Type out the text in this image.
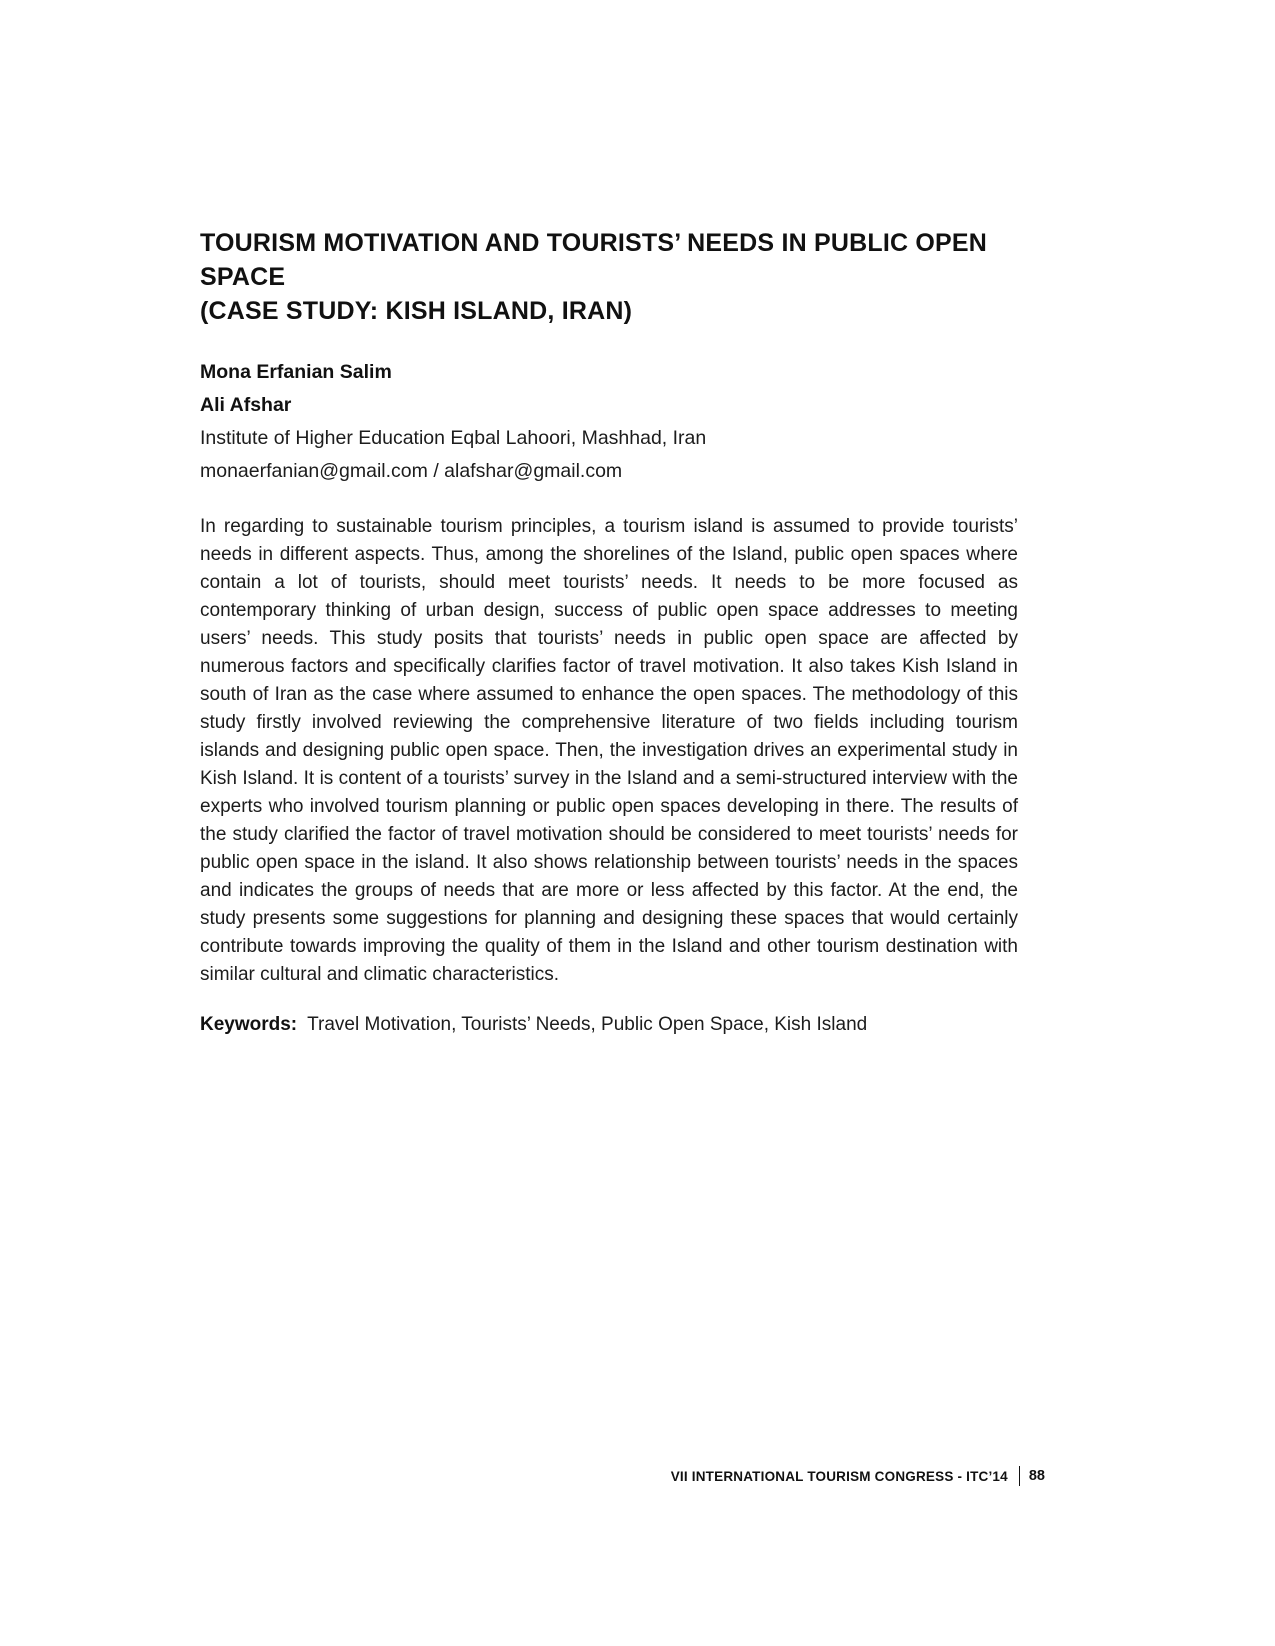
TOURISM MOTIVATION AND TOURISTS’ NEEDS IN PUBLIC OPEN SPACE
(CASE STUDY: KISH ISLAND, IRAN)
Mona Erfanian Salim
Ali Afshar
Institute of Higher Education Eqbal Lahoori, Mashhad, Iran
monaerfanian@gmail.com / alafshar@gmail.com

In regarding to sustainable tourism principles, a tourism island is assumed to provide tourists’ needs in different aspects. Thus, among the shorelines of the Island, public open spaces where contain a lot of tourists, should meet tourists’ needs. It needs to be more focused as contemporary thinking of urban design, success of public open space addresses to meeting users’ needs. This study posits that tourists’ needs in public open space are affected by numerous factors and specifically clarifies factor of travel motivation. It also takes Kish Island in south of Iran as the case where assumed to enhance the open spaces. The methodology of this study firstly involved reviewing the comprehensive literature of two fields including tourism islands and designing public open space. Then, the investigation drives an experimental study in Kish Island. It is content of a tourists’ survey in the Island and a semi-structured interview with the experts who involved tourism planning or public open spaces developing in there. The results of the study clarified the factor of travel motivation should be considered to meet tourists’ needs for public open space in the island. It also shows relationship between tourists’ needs in the spaces and indicates the groups of needs that are more or less affected by this factor. At the end, the study presents some suggestions for planning and designing these spaces that would certainly contribute towards improving the quality of them in the Island and other tourism destination with similar cultural and climatic characteristics.

Keywords: Travel Motivation, Tourists’ Needs, Public Open Space, Kish Island

VII INTERNATIONAL TOURISM CONGRESS - ITC’14 88
